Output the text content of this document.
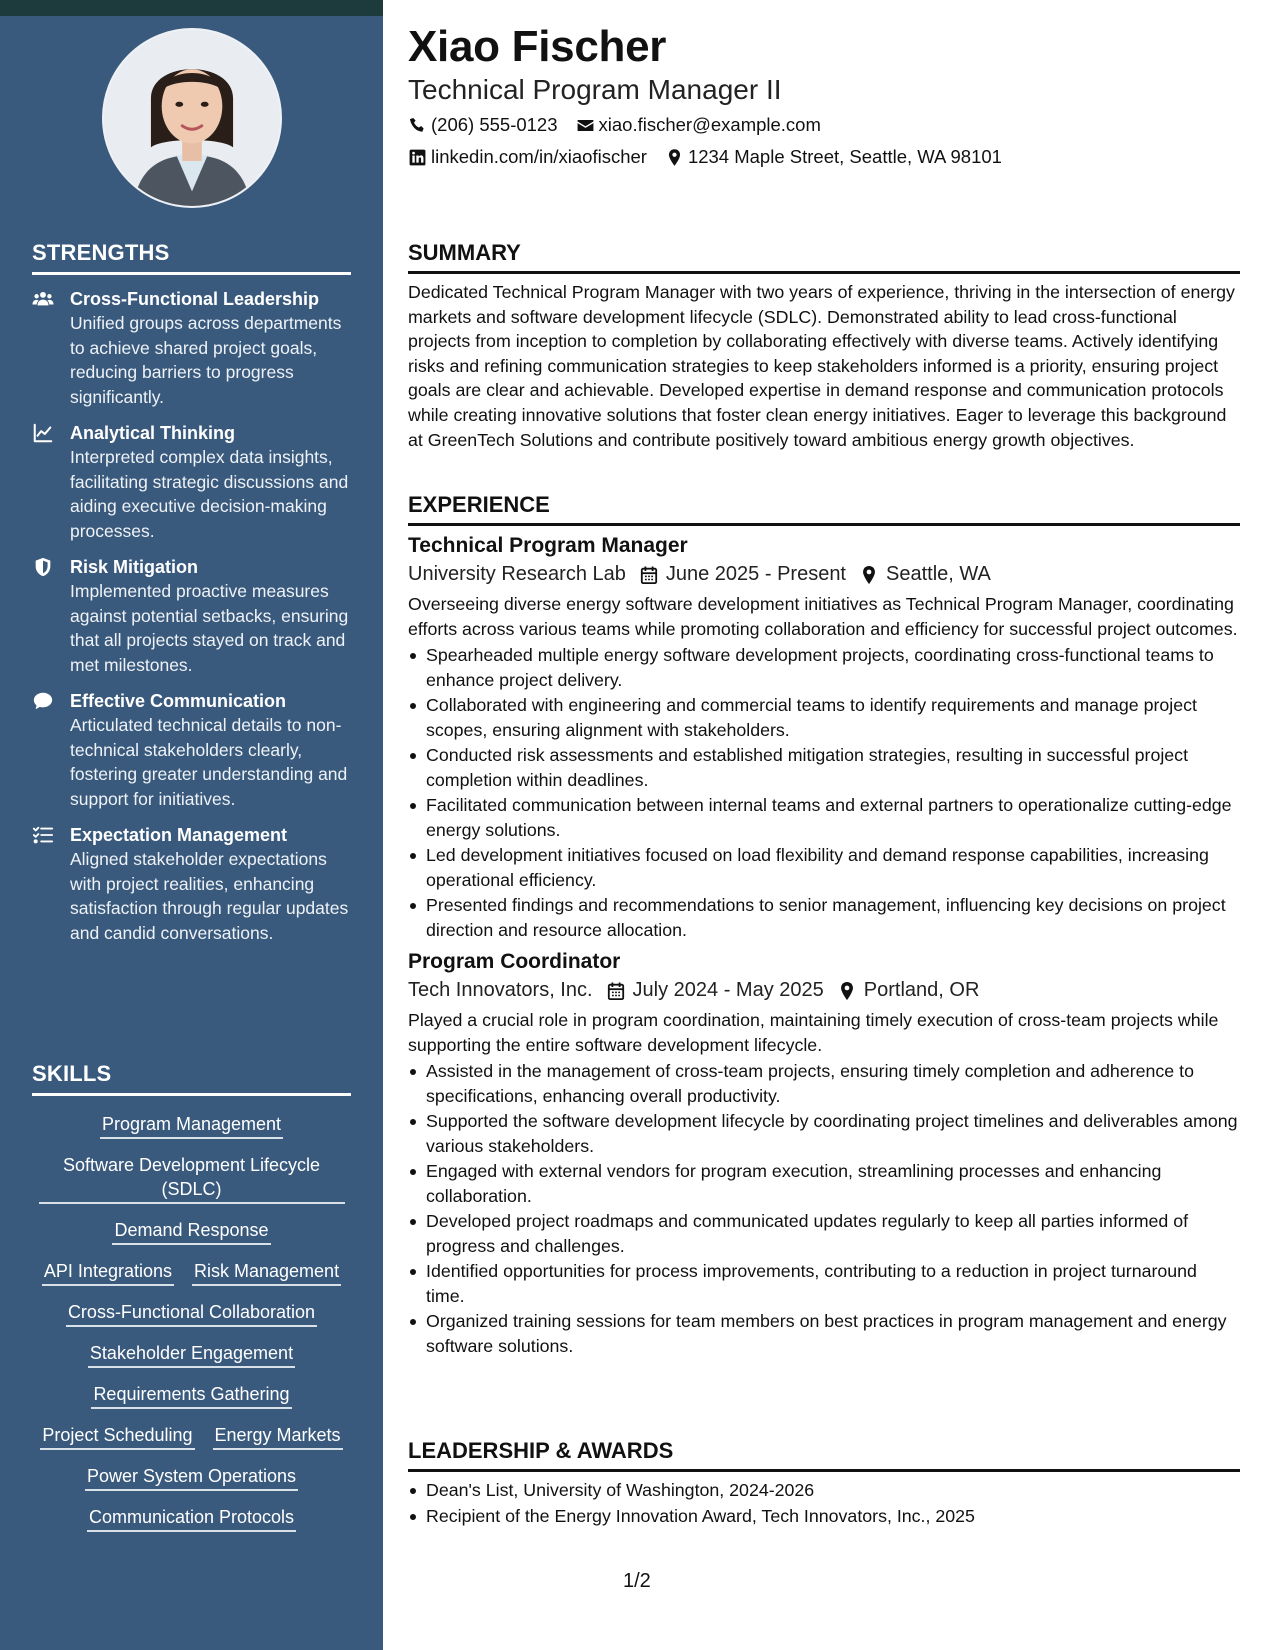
STRENGTHS
Cross-Functional Leadership
Unified groups across departments to achieve shared project goals, reducing barriers to progress significantly.
Analytical Thinking
Interpreted complex data insights, facilitating strategic discussions and aiding executive decision-making processes.
Risk Mitigation
Implemented proactive measures against potential setbacks, ensuring that all projects stayed on track and met milestones.
Effective Communication
Articulated technical details to non-technical stakeholders clearly, fostering greater understanding and support for initiatives.
Expectation Management
Aligned stakeholder expectations with project realities, enhancing satisfaction through regular updates and candid conversations.
SKILLS
Program Management
Software Development Lifecycle (SDLC)
Demand Response
API Integrations Risk Management
Cross-Functional Collaboration
Stakeholder Engagement
Requirements Gathering
Project Scheduling Energy Markets
Power System Operations
Communication Protocols
Xiao Fischer
Technical Program Manager II
(206) 555-0123 xiao.fischer@example.com
linkedin.com/in/xiaofischer 1234 Maple Street, Seattle, WA 98101
SUMMARY
Dedicated Technical Program Manager with two years of experience, thriving in the intersection of energy markets and software development lifecycle (SDLC). Demonstrated ability to lead cross-functional projects from inception to completion by collaborating effectively with diverse teams. Actively identifying risks and refining communication strategies to keep stakeholders informed is a priority, ensuring project goals are clear and achievable. Developed expertise in demand response and communication protocols while creating innovative solutions that foster clean energy initiatives. Eager to leverage this background at GreenTech Solutions and contribute positively toward ambitious energy growth objectives.
EXPERIENCE
Technical Program Manager
University Research Lab June 2025 - Present Seattle, WA
Overseeing diverse energy software development initiatives as Technical Program Manager, coordinating efforts across various teams while promoting collaboration and efficiency for successful project outcomes.
Spearheaded multiple energy software development projects, coordinating cross-functional teams to enhance project delivery.
Collaborated with engineering and commercial teams to identify requirements and manage project scopes, ensuring alignment with stakeholders.
Conducted risk assessments and established mitigation strategies, resulting in successful project completion within deadlines.
Facilitated communication between internal teams and external partners to operationalize cutting-edge energy solutions.
Led development initiatives focused on load flexibility and demand response capabilities, increasing operational efficiency.
Presented findings and recommendations to senior management, influencing key decisions on project direction and resource allocation.
Program Coordinator
Tech Innovators, Inc. July 2024 - May 2025 Portland, OR
Played a crucial role in program coordination, maintaining timely execution of cross-team projects while supporting the entire software development lifecycle.
Assisted in the management of cross-team projects, ensuring timely completion and adherence to specifications, enhancing overall productivity.
Supported the software development lifecycle by coordinating project timelines and deliverables among various stakeholders.
Engaged with external vendors for program execution, streamlining processes and enhancing collaboration.
Developed project roadmaps and communicated updates regularly to keep all parties informed of progress and challenges.
Identified opportunities for process improvements, contributing to a reduction in project turnaround time.
Organized training sessions for team members on best practices in program management and energy software solutions.
LEADERSHIP & AWARDS
Dean's List, University of Washington, 2024-2026
Recipient of the Energy Innovation Award, Tech Innovators, Inc., 2025
1/2
